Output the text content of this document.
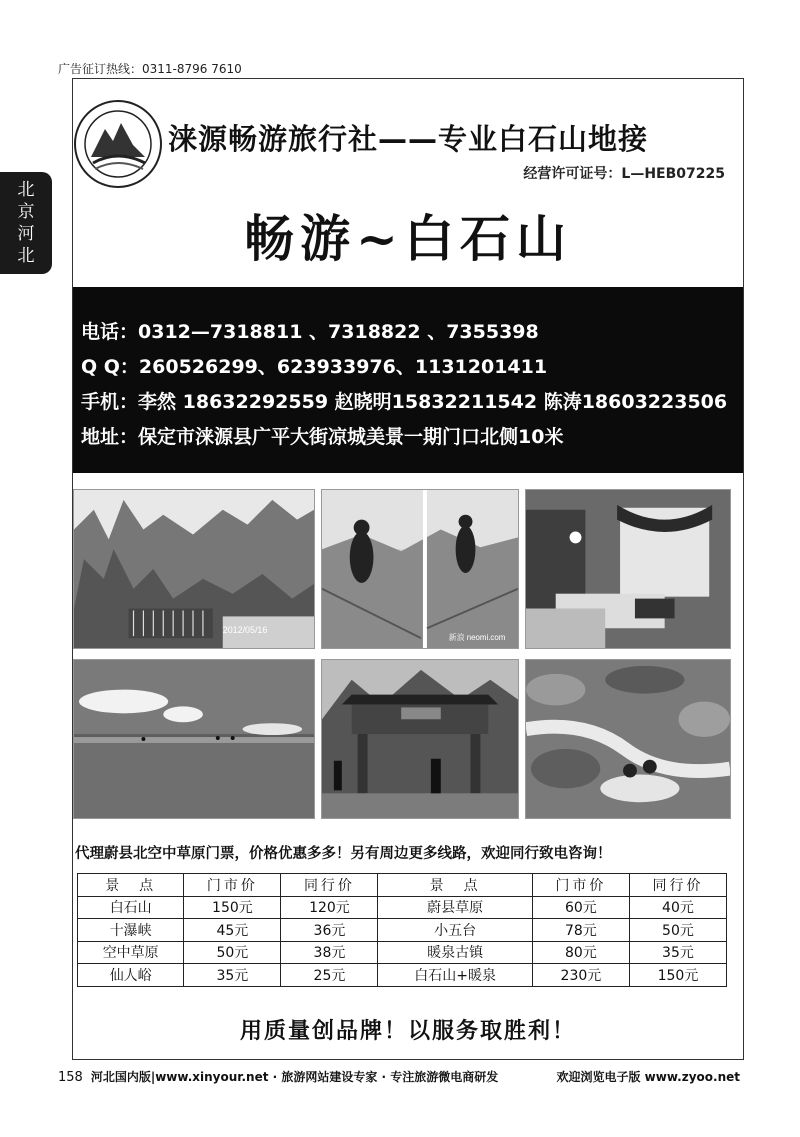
广告征订热线：0311-8796 7610
北
京
河
北
涞源畅游旅行社——专业白石山地接
经营许可证号：L—HEB07225
畅游~白石山
电话：0312—7318811 、7318822 、7355398
Q Q：260526299、623933976、1131201411
手机：李然 18632292559 赵晓明15832211542 陈涛18603223506
地址：保定市涞源县广平大街凉城美景一期门口北侧10米
2012/05/16
新浪 neomi.com
代理蔚县北空中草原门票，价格优惠多多！另有周边更多线路，欢迎同行致电咨询！
景　点	门市价	同行价	景　点	门市价	同行价
白石山	150元	120元	蔚县草原	60元	40元
十瀑峡	45元	36元	小五台	78元	50元
空中草原	50元	38元	暖泉古镇	80元	35元
仙人峪	35元	25元	白石山+暖泉	230元	150元
用质量创品牌！以服务取胜利！
158 河北国内版|www.xinyour.net · 旅游网站建设专家 · 专注旅游微电商研发	欢迎浏览电子版 www.zyoo.net
